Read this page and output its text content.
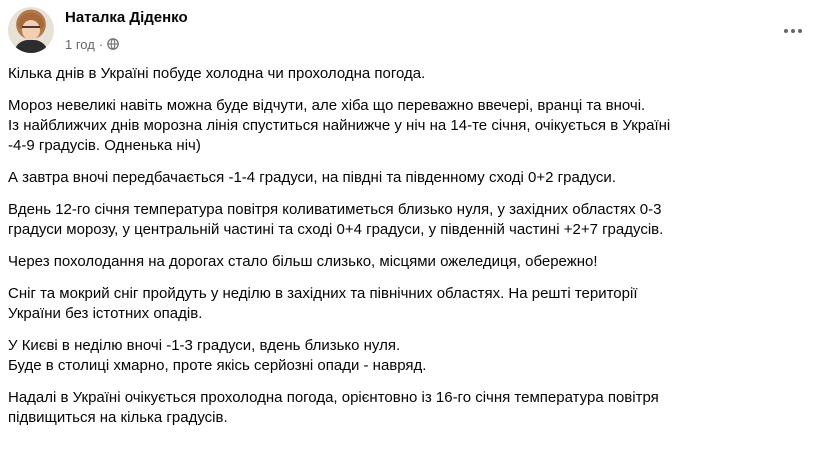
Наталка Діденко
1 год ·

Кілька днів в Україні побуде холодна чи прохолодна погода.

Мороз невеликі навіть можна буде відчути, але хіба що переважно ввечері, вранці та вночі.
Із найближчих днів морозна лінія спуститься найнижче у ніч на 14-те січня, очікується в Україні
-4-9 градусів. Одненька ніч)

А завтра вночі передбачається -1-4 градуси, на півдні та південному сході 0+2 градуси.

Вдень 12-го січня температура повітря коливатиметься близько нуля, у західних областях 0-3
градуси морозу, у центральній частині та сході 0+4 градуси, у південній частині +2+7 градусів.

Через похолодання на дорогах стало більш слизько, місцями ожеледиця, обережно!

Сніг та мокрий сніг пройдуть у неділю в західних та північних областях. На решті території
України без істотних опадів.

У Києві в неділю вночі -1-3 градуси, вдень близько нуля.
Буде в столиці хмарно, проте якісь серйозні опади - навряд.

Надалі в Україні очікується прохолодна погода, орієнтовно із 16-го січня температура повітря
підвищиться на кілька градусів.
